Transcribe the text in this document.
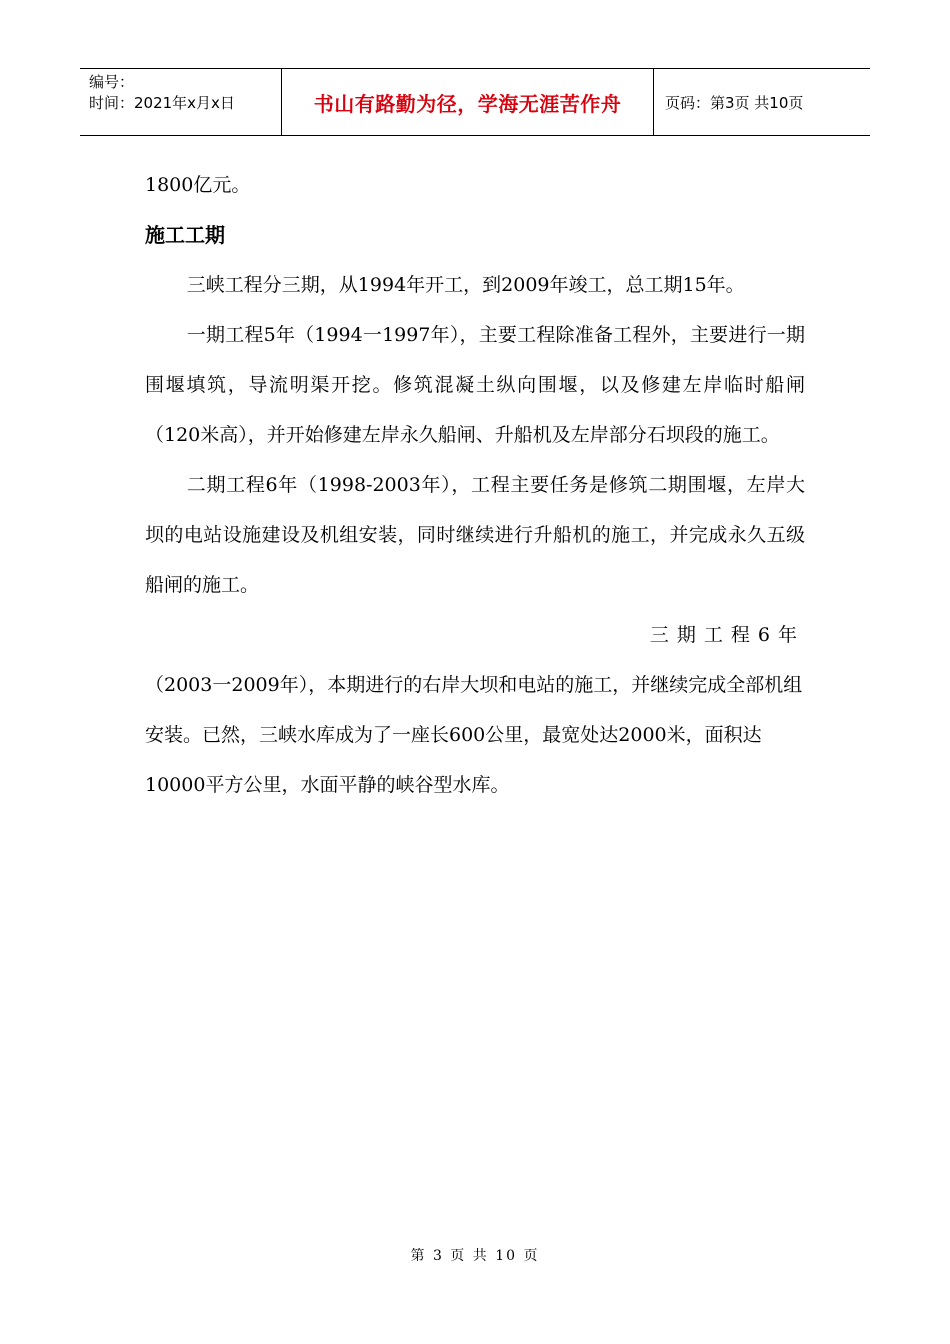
编号：
时间：2021年x月x日	书山有路勤为径，学海无涯苦作舟	页码：第3页 共10页

1800亿元。

施工工期

三峡工程分三期，从1994年开工，到2009年竣工，总工期15年。

一期工程5年（1994一1997年），主要工程除准备工程外，主要进行一期围堰填筑，导流明渠开挖。修筑混凝土纵向围堰，以及修建左岸临时船闸（120米高），并开始修建左岸永久船闸、升船机及左岸部分石坝段的施工。

二期工程6年（1998-2003年），工程主要任务是修筑二期围堰，左岸大坝的电站设施建设及机组安装，同时继续进行升船机的施工，并完成永久五级船闸的施工。

三期工程6年

（2003一2009年），本期进行的右岸大坝和电站的施工，并继续完成全部机组安装。已然，三峡水库成为了一座长600公里，最宽处达2000米，面积达10000平方公里，水面平静的峡谷型水库。

第 3 页 共 10 页
